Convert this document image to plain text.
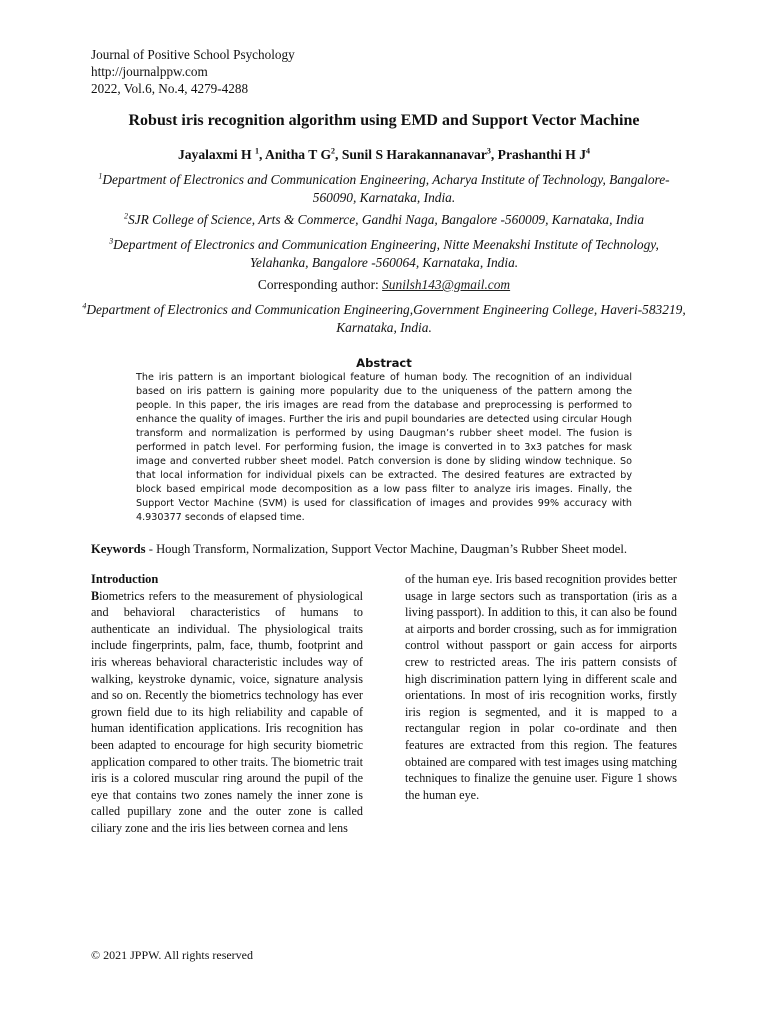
Journal of Positive School Psychology
http://journalppw.com
2022, Vol.6, No.4, 4279-4288
Robust iris recognition algorithm using EMD and Support Vector Machine
Jayalaxmi H $^1$, Anitha T $G^2$, Sunil S Harakannanavar$^3$, Prashanthi H $J^4$
$^1$Department of Electronics and Communication Engineering, Acharya Institute of Technology, Bangalore-560090, Karnataka, India.
$^2$SJR College of Science, Arts & Commerce, Gandhi Naga, Bangalore -560009, Karnataka, India
$^3$Department of Electronics and Communication Engineering, Nitte Meenakshi Institute of Technology, Yelahanka, Bangalore -560064, Karnataka, India.
Corresponding author: Sunilsh143@gmail.com
$^4$Department of Electronics and Communication Engineering,Government Engineering College, Haveri-583219, Karnataka, India.
Abstract
The iris pattern is an important biological feature of human body. The recognition of an individual based on iris pattern is gaining more popularity due to the uniqueness of the pattern among the people. In this paper, the iris images are read from the database and preprocessing is performed to enhance the quality of images. Further the iris and pupil boundaries are detected using circular Hough transform and normalization is performed by using Daugman’s rubber sheet model. The fusion is performed in patch level. For performing fusion, the image is converted in to 3x3 patches for mask image and converted rubber sheet model. Patch conversion is done by sliding window technique. So that local information for individual pixels can be extracted. The desired features are extracted by block based empirical mode decomposition as a low pass filter to analyze iris images. Finally, the Support Vector Machine (SVM) is used for classification of images and provides 99% accuracy with 4.930377 seconds of elapsed time.
Keywords - Hough Transform, Normalization, Support Vector Machine, Daugman’s Rubber Sheet model.
Introduction
Biometrics refers to the measurement of physiological and behavioral characteristics of humans to authenticate an individual. The physiological traits include fingerprints, palm, face, thumb, footprint and iris whereas behavioral characteristic includes way of walking, keystroke dynamic, voice, signature analysis and so on. Recently the biometrics technology has ever grown field due to its high reliability and capable of human identification applications. Iris recognition has been adapted to encourage for high security biometric application compared to other traits. The biometric trait iris is a colored muscular ring around the pupil of the eye that contains two zones namely the inner zone is called pupillary zone and the outer zone is called ciliary zone and the iris lies between cornea and lens
of the human eye. Iris based recognition provides better usage in large sectors such as transportation (iris as a living passport). In addition to this, it can also be found at airports and border crossing, such as for immigration control without passport or gain access for airports crew to restricted areas. The iris pattern consists of high discrimination pattern lying in different scale and orientations. In most of iris recognition works, firstly iris region is segmented, and it is mapped to a rectangular region in polar co-ordinate and then features are extracted from this region. The features obtained are compared with test images using matching techniques to finalize the genuine user. Figure 1 shows the human eye.
© 2021 JPPW. All rights reserved
